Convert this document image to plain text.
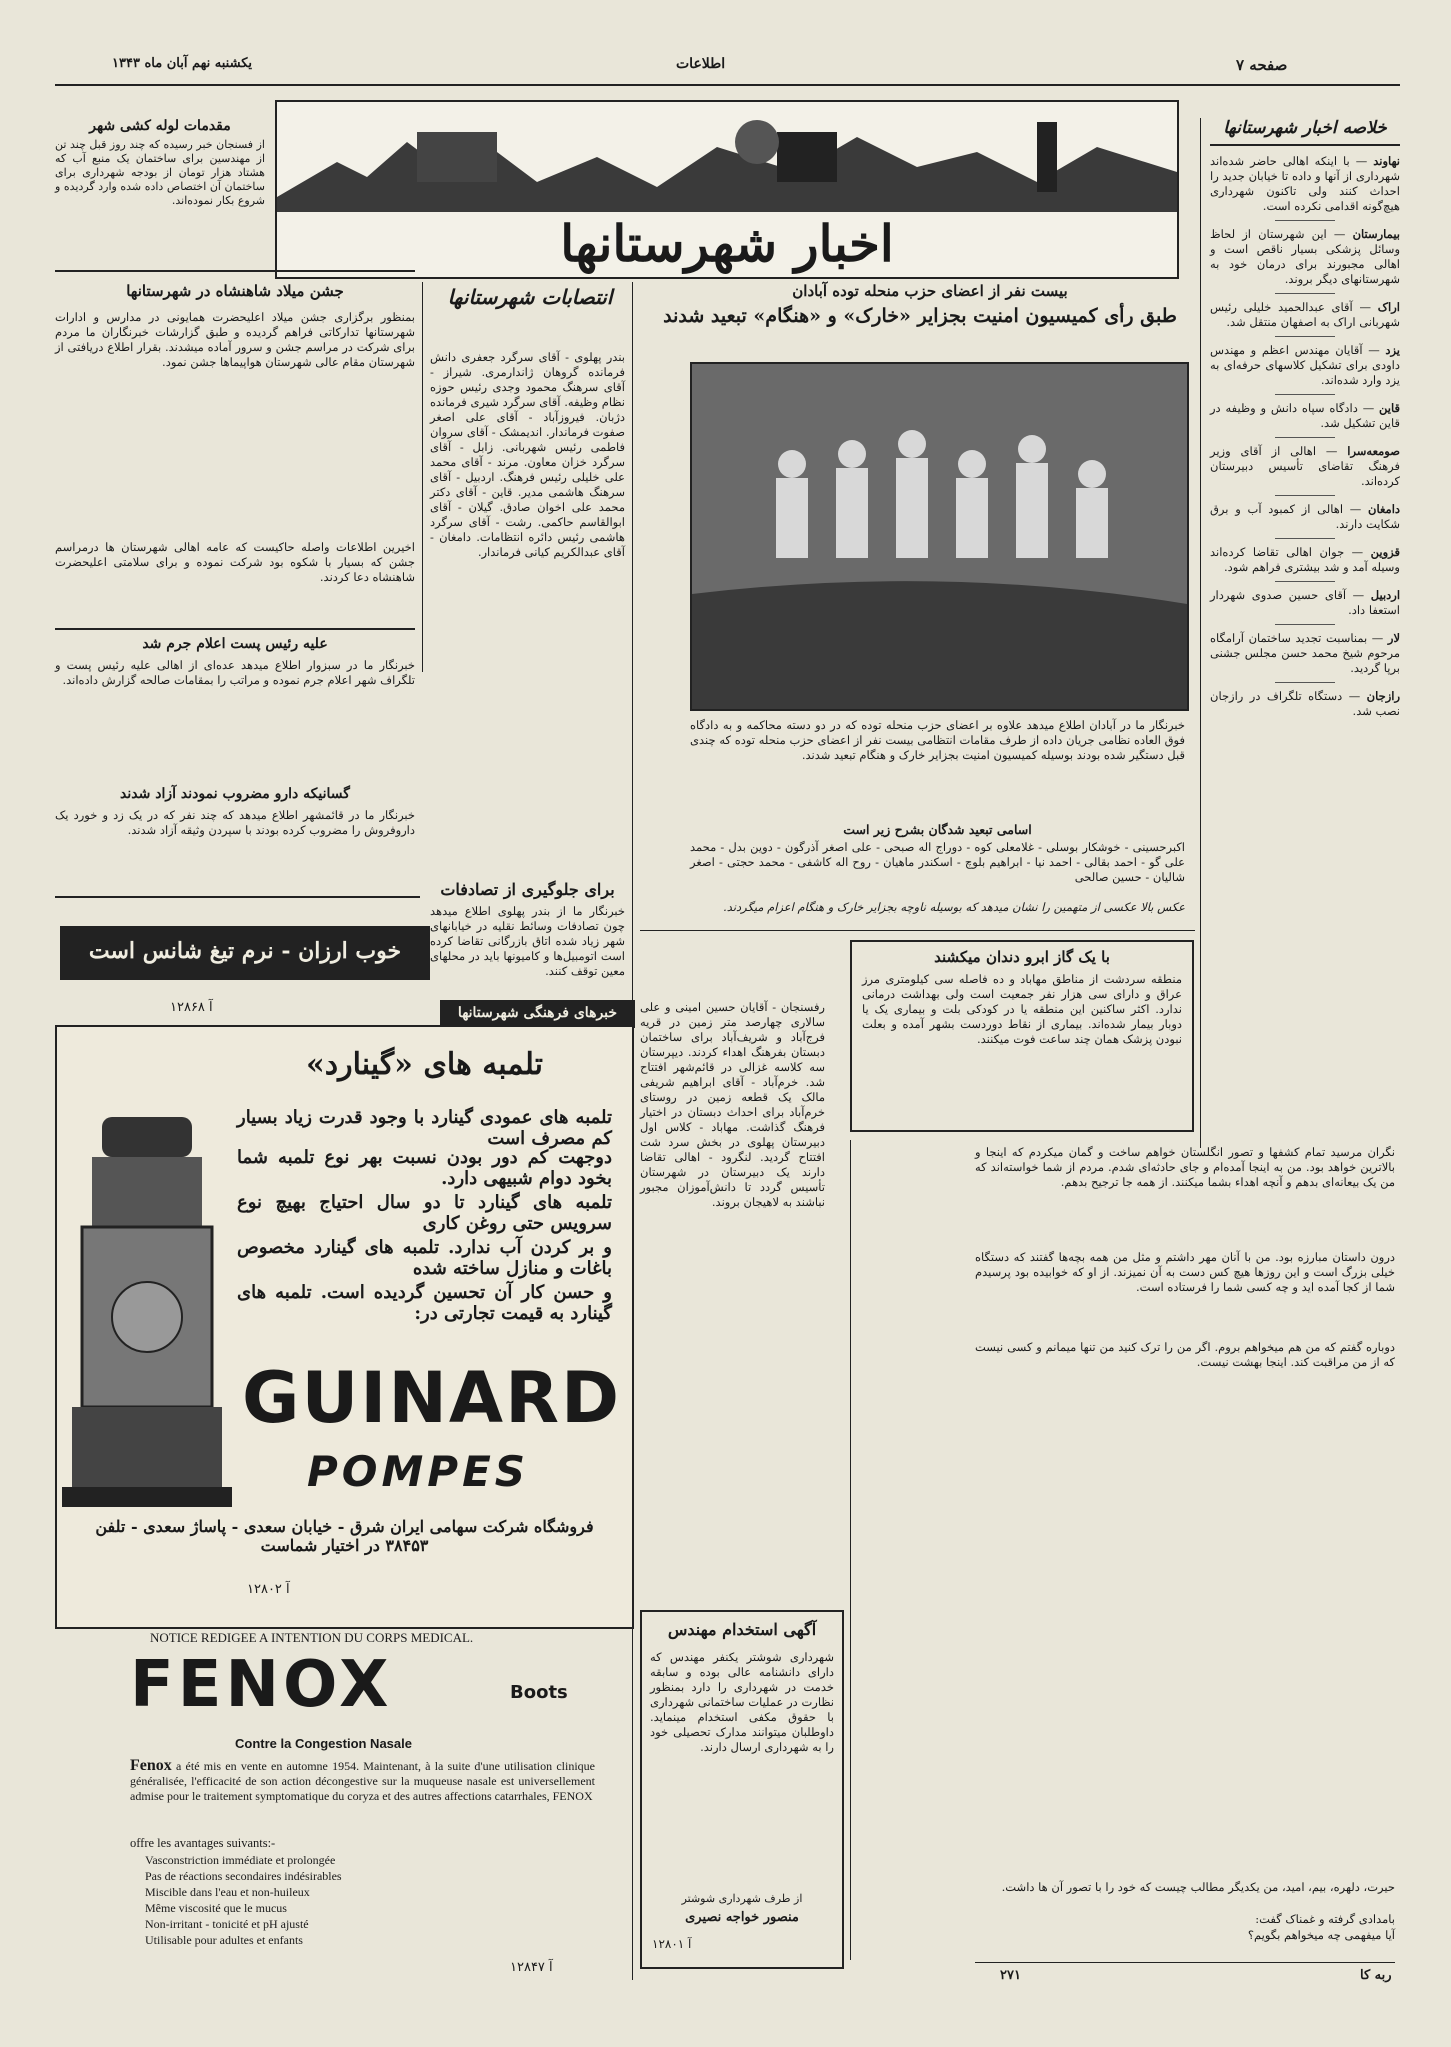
یکشنبه نهم آبان ماه ۱۳۴۳	اطلاعات	صفحه ۷
اخبار شهرستانها
خلاصه اخبار شهرستانها
نهاوند — با اینکه اهالی حاضر شده‌اند شهرداری از آنها و داده تا خیابان جدید را احداث کنند ولی تاکنون شهرداری هیچ‌گونه اقدامی نکرده است.
بیمارستان — این شهرستان از لحاظ وسائل پزشکی بسیار ناقص است و اهالی مجبورند برای درمان خود به شهرستانهای دیگر بروند.
اراک — آقای عبدالحمید خلیلی رئیس شهربانی اراک به اصفهان منتقل شد.
یزد — آقایان مهندس اعظم و مهندس داودی برای تشکیل کلاسهای حرفه‌ای به یزد وارد شده‌اند.
قاین — دادگاه سپاه دانش و وظیفه در قاین تشکیل شد.
صومعه‌سرا — اهالی از آقای وزیر فرهنگ تقاضای تأسیس دبیرستان کرده‌اند.
دامغان — اهالی از کمبود آب و برق شکایت دارند.
قزوین — جوان اهالی تقاضا کرده‌اند وسیله آمد و شد بیشتری فراهم شود.
اردبیل — آقای حسین صدوی شهردار استعفا داد.
لار — بمناسبت تجدید ساختمان آرامگاه مرحوم شیخ محمد حسن مجلس جشنی برپا گردید.
رازجان — دستگاه تلگراف در رازجان نصب شد.
بیست نفر از اعضای حزب منحله توده آبادان
طبق رأی کمیسیون امنیت بجزایر «خارک» و «هنگام» تبعید شدند
خبرنگار ما در آبادان اطلاع میدهد علاوه بر اعضای حزب منحله توده که در دو دسته محاکمه و به دادگاه فوق العاده نظامی جریان داده از طرف مقامات انتظامی بیست نفر از اعضای حزب منحله توده که چندی قبل دستگیر شده بودند بوسیله کمیسیون امنیت بجزایر خارک و هنگام تبعید شدند.
اسامی تبعید شدگان بشرح زیر است
اکبرحسینی - خوشکار بوسلی - غلامعلی کوه - دوراج اله صبحی - علی اصغر آذرگون - دوین بدل - محمد علی گو - احمد بقالی - احمد نیا - ابراهیم بلوچ - اسکندر ماهیان - روح اله کاشفی - محمد حجتی - اصغر شالیان - حسین صالحی
عکس بالا عکسی از متهمین را نشان میدهد که بوسیله ناوچه بجزایر خارک و هنگام اعزام میگردند.
انتصابات شهرستانها
بندر پهلوی - آقای سرگرد جعفری دانش فرمانده گروهان ژاندارمری. شیراز - آقای سرهنگ محمود وجدی رئیس حوزه نظام وظیفه. آقای سرگرد شیری فرمانده دژبان. فیروزآباد - آقای علی اصغر صفوت فرماندار. اندیمشک - آقای سروان فاطمی رئیس شهربانی. زابل - آقای سرگرد خزان معاون. مرند - آقای محمد علی خلیلی رئیس فرهنگ. اردبیل - آقای سرهنگ هاشمی مدیر. قاین - آقای دکتر محمد علی اخوان صادق. گیلان - آقای ابوالقاسم حاکمی. رشت - آقای سرگرد هاشمی رئیس دائره انتظامات. دامغان - آقای عبدالکریم کیانی فرماندار.
برای جلوگیری از تصادفات
خبرنگار ما از بندر پهلوی اطلاع میدهد چون تصادفات وسائط نقلیه در خیابانهای شهر زیاد شده اتاق بازرگانی تقاضا کرده است اتومبیل‌ها و کامیونها باید در محلهای معین توقف کنند.
مقدمات لوله کشی شهر
از فسنجان خبر رسیده که چند روز قبل چند تن از مهندسین برای ساختمان یک منبع آب که هشتاد هزار تومان از بودجه شهرداری برای ساختمان آن اختصاص داده شده وارد گردیده و شروع بکار نموده‌اند.
جشن میلاد شاهنشاه در شهرستانها
بمنظور برگزاری جشن میلاد اعلیحضرت همایونی در مدارس و ادارات شهرستانها تدارکاتی فراهم گردیده و طبق گزارشات خبرنگاران ما مردم برای شرکت در مراسم جشن و سرور آماده میشدند. بقرار اطلاع دریافتی از شهرستان مقام عالی شهرستان هواپیماها جشن نمود.
اخیرین اطلاعات واصله حاکیست که عامه اهالی شهرستان ها درمراسم جشن که بسیار با شکوه بود شرکت نموده و برای سلامتی اعلیحضرت شاهنشاه دعا کردند.
علیه رئیس پست اعلام جرم شد
خبرنگار ما در سبزوار اطلاع میدهد عده‌ای از اهالی علیه رئیس پست و تلگراف شهر اعلام جرم نموده و مراتب را بمقامات صالحه گزارش داده‌اند.
گسانیکه دارو مضروب نمودند آزاد شدند
خبرنگار ما در قائمشهر اطلاع میدهد که چند نفر که در یک زد و خورد یک داروفروش را مضروب کرده بودند با سپردن وثیقه آزاد شدند.
خوب ارزان - نرم تیغ شانس است
۱۲۸۶۸ آ	خبرهای فرهنگی شهرستانها	رفسنجان - آقایان حسین امینی و علی سالاری چهارصد متر زمین در قریه فرج‌آباد و شریف‌آباد برای ساختمان دبستان بفرهنگ اهداء کردند. دیپرستان سه کلاسه غزالی در قائم‌شهر افتتاح شد. خرم‌آباد - آقای ابراهیم شریفی مالک یک قطعه زمین در روستای خرم‌آباد برای احداث دبستان در اختیار فرهنگ گذاشت. مهاباد - کلاس اول دبیرستان پهلوی در بخش سرد شت افتتاح گردید. لنگرود - اهالی تقاضا دارند یک دبیرستان در شهرستان تأسیس گردد تا دانش‌آموزان مجبور نباشند به لاهیجان بروند.
با یک گاز ابرو دندان میکشند
منطقه سردشت از مناطق مهاباد و ده فاصله سی کیلومتری مرز عراق و دارای سی هزار نفر جمعیت است ولی بهداشت درمانی ندارد. اکثر ساکنین این منطقه یا در کودکی بلت و بیماری یک یا دوبار بیمار شده‌اند. بیماری از نقاط دوردست بشهر آمده و بعلت نبودن پزشک همان چند ساعت فوت میکنند.
تلمبه های «گینارد»
تلمبه های عمودی گینارد با وجود قدرت زیاد بسیار کم مصرف است
دوجهت کم دور بودن نسبت بهر نوع تلمبه شما بخود دوام شبیهی دارد.
تلمبه های گینارد تا دو سال احتیاج بهیچ نوع سرویس حتی روغن کاری
و بر کردن آب ندارد. تلمبه های گینارد مخصوص باغات و منازل ساخته شده
و حسن کار آن تحسین گردیده است. تلمبه های گینارد به قیمت تجارتی در:
GUINARD
POMPES
فروشگاه شرکت سهامی ایران شرق - خیابان سعدی - پاساژ سعدی - تلفن ۳۸۴۵۳ در اختیار شماست
۱۲۸۰۲ آ
NOTICE REDIGEE A INTENTION DU CORPS MEDICAL.
FENOX	Boots
Contre la Congestion Nasale
Fenox a été mis en vente en automne 1954. Maintenant, à la suite d'une utilisation clinique généralisée, l'efficacité de son action décongestive sur la muqueuse nasale est universellement admise pour le traitement symptomatique du coryza et des autres affections catarrhales, FENOX
offre les avantages suivants:-
Vasconstriction immédiate et prolongée
Pas de réactions secondaires indésirables
Miscible dans l'eau et non-huileux
Même viscosité que le mucus
Non-irritant - tonicité et pH ajusté
Utilisable pour adultes et enfants
۱۲۸۴۷ آ
آگهی استخدام مهندس
شهرداری شوشتر یکنفر مهندس که دارای دانشنامه عالی بوده و سابقه خدمت در شهرداری را دارد بمنظور نظارت در عملیات ساختمانی شهرداری با حقوق مکفی استخدام مینماید. داوطلبان میتوانند مدارک تحصیلی خود را به شهرداری ارسال دارند.
از طرف شهرداری شوشتر
منصور خواجه نصیری
۱۲۸۰۱ آ
نگران مرسید تمام کشفها و تصور انگلستان خواهم ساخت و گمان میکردم که اینجا و بالاترین خواهد بود. من به اینجا آمده‌ام و جای حادثه‌ای شدم. مردم از شما خواسته‌اند که من یک بیعانه‌ای بدهم و آنچه اهداء بشما میکنند. از همه جا ترجیح بدهم.
درون داستان مبارزه بود. من با آنان مهر داشتم و مثل من همه بچه‌ها گفتند که دستگاه خیلی بزرگ است و این روزها هیچ کس دست به آن نمیزند. از او که خوابیده بود پرسیدم شما از کجا آمده اید و چه کسی شما را فرستاده است.
دوباره گفتم که من هم میخواهم بروم. اگر من را ترک کنید من تنها میمانم و کسی نیست که از من مراقبت کند. اینجا بهشت نیست.
حیرت، دلهره، بیم، امید، من یکدیگر مطالب چیست که خود را با تصور آن ها داشت.
بامدادی گرفته و غمناک گفت:
آیا میفهمی چه میخواهم بگویم؟
۲۷۱	ربه کا
